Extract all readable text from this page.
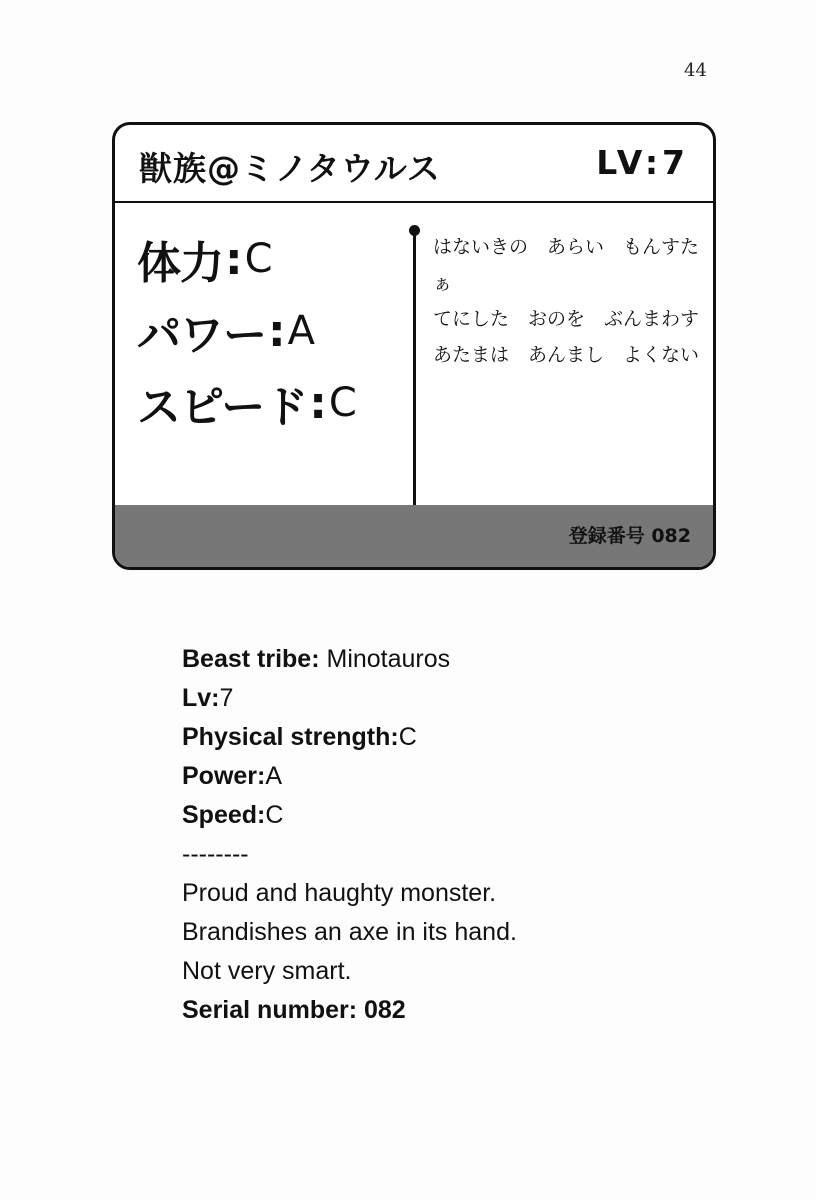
44
獣族@ミノタウルス	LV:7
体力 : C
パワー : A
スピード : C
はないきの　あらい　もんすたぁ
てにした　おのを　ぶんまわす
あたまは　あんまし　よくない
登録番号 082
Beast tribe: Minotauros
Lv:7
Physical strength:C
Power:A
Speed:C
--------
Proud and haughty monster.
Brandishes an axe in its hand.
Not very smart.
Serial number: 082
